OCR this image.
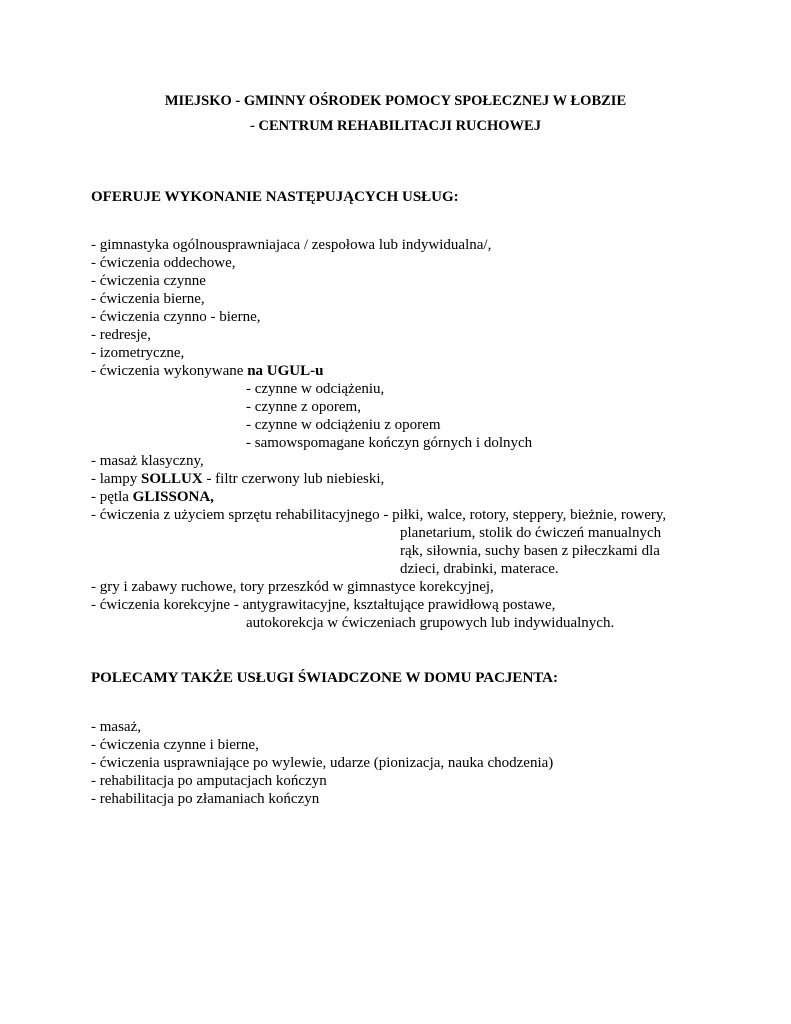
MIEJSKO - GMINNY OŚRODEK POMOCY SPOŁECZNEJ W ŁOBZIE
- CENTRUM REHABILITACJI RUCHOWEJ
OFERUJE WYKONANIE NASTĘPUJĄCYCH USŁUG:
- gimnastyka ogólnousprawniajaca / zespołowa lub indywidualna/,
- ćwiczenia oddechowe,
- ćwiczenia czynne
- ćwiczenia bierne,
- ćwiczenia czynno - bierne,
- redresje,
- izometryczne,
- ćwiczenia wykonywane na UGUL-u
- czynne w odciążeniu,
- czynne z oporem,
- czynne w odciążeniu z oporem
- samowspomagane kończyn górnych i dolnych
- masaż klasyczny,
- lampy SOLLUX - filtr czerwony lub niebieski,
- pętla GLISSONA,
- ćwiczenia z użyciem sprzętu rehabilitacyjnego - piłki, walce, rotory, steppery, bieżnie, rowery,
planetarium, stolik do ćwiczeń manualnych
rąk, siłownia, suchy basen z piłeczkami dla
dzieci, drabinki, materace.
- gry i zabawy ruchowe, tory przeszkód w gimnastyce korekcyjnej,
- ćwiczenia korekcyjne - antygrawitacyjne, kształtujące prawidłową postawe,
autokorekcja w ćwiczeniach grupowych lub indywidualnych.
POLECAMY TAKŻE USŁUGI ŚWIADCZONE W DOMU PACJENTA:
- masaż,
- ćwiczenia czynne i bierne,
- ćwiczenia usprawniające po wylewie, udarze (pionizacja, nauka chodzenia)
- rehabilitacja po amputacjach kończyn
- rehabilitacja po złamaniach kończyn
